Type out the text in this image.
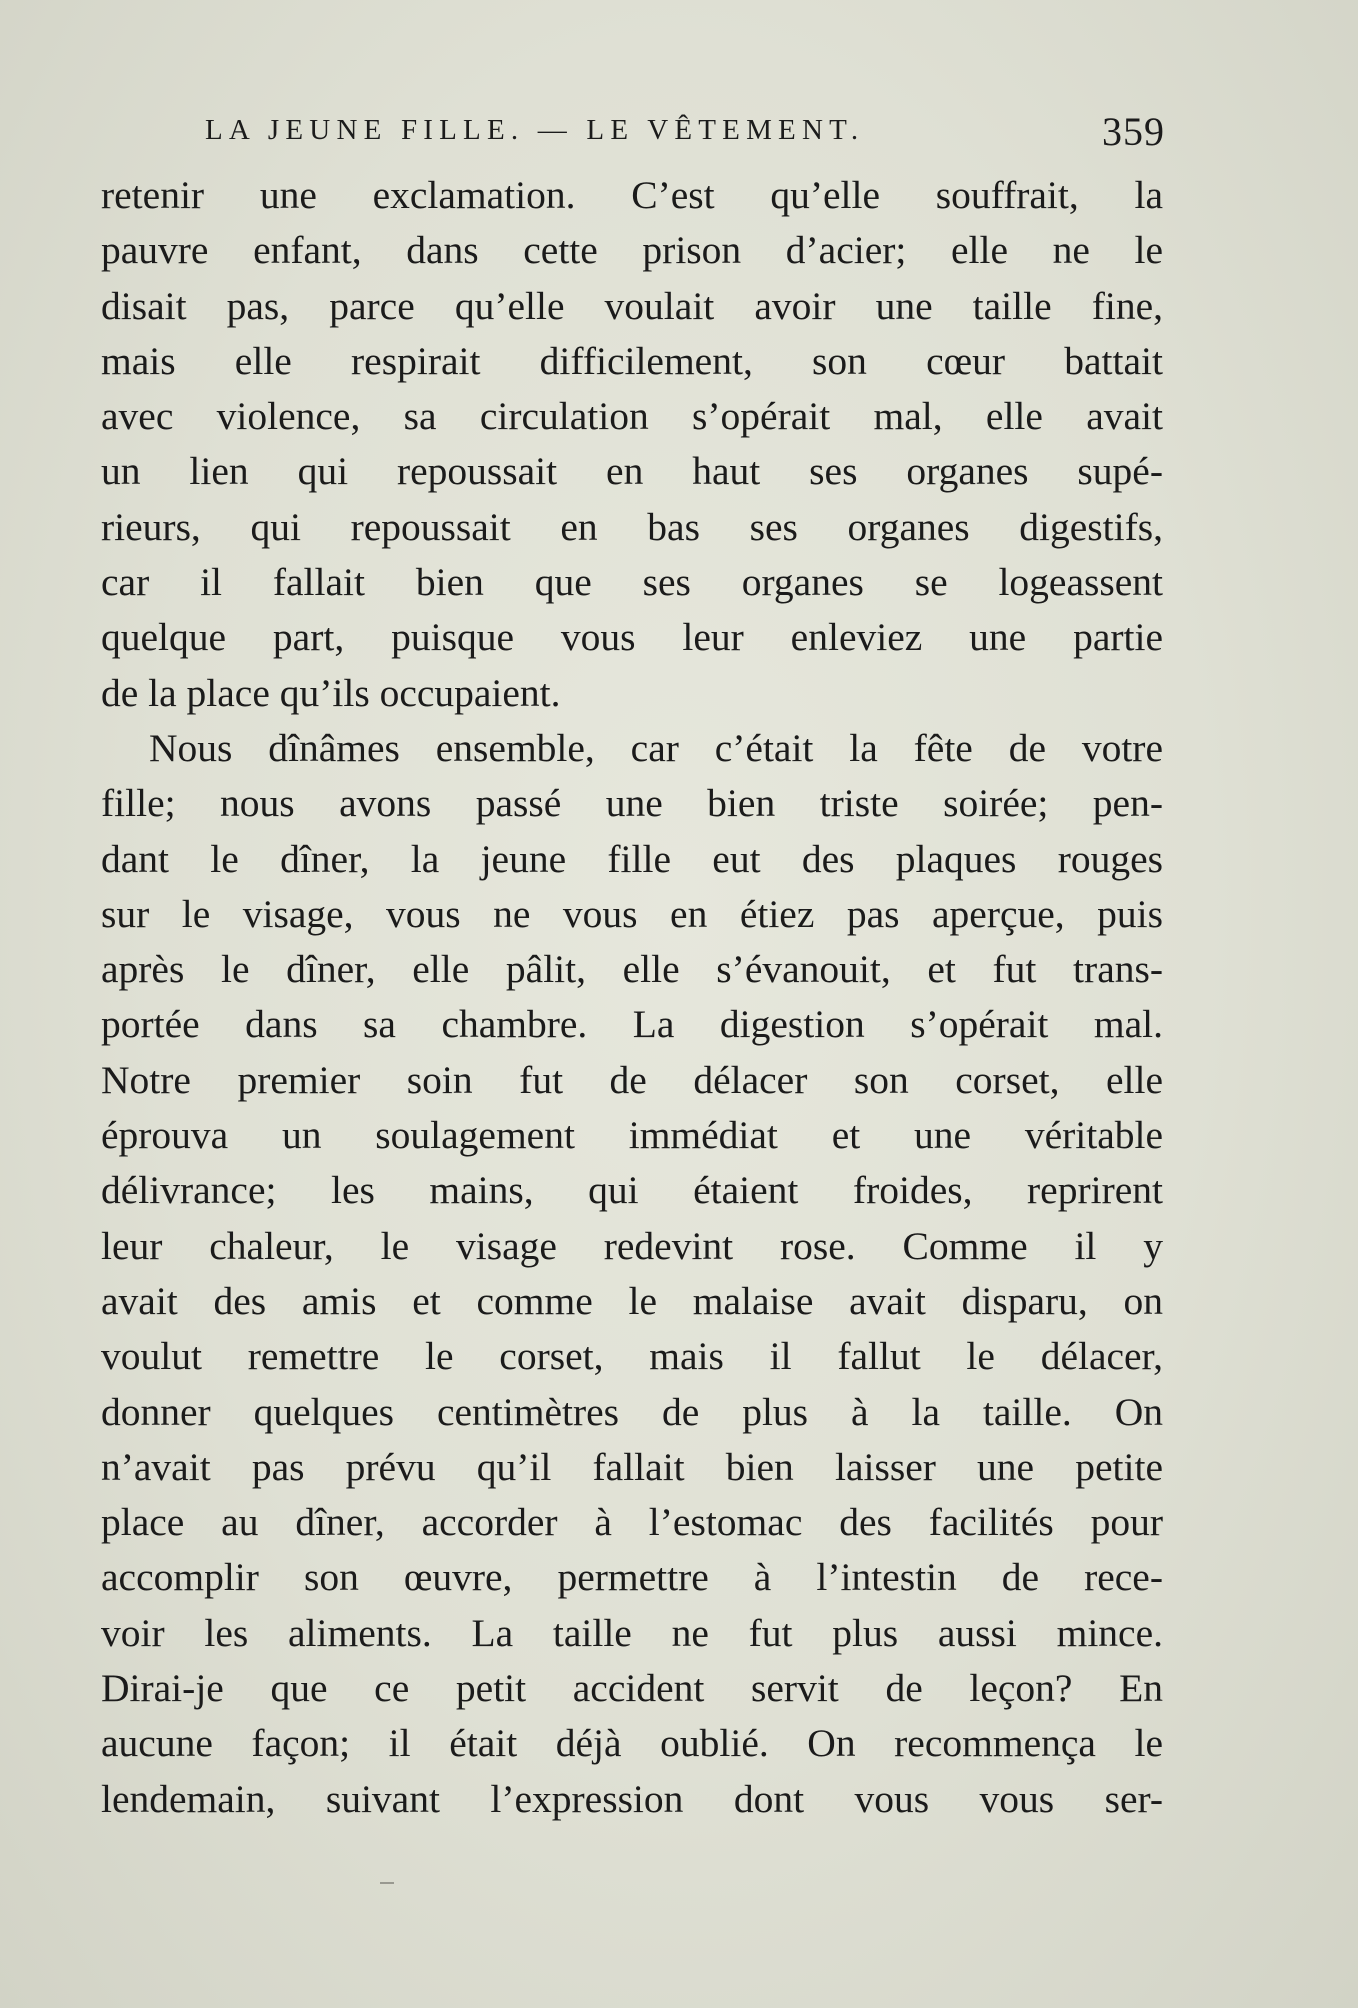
LA JEUNE FILLE. — LE VÊTEMENT.	359
retenir une exclamation. C’est qu’elle souffrait, la
pauvre enfant, dans cette prison d’acier; elle ne le
disait pas, parce qu’elle voulait avoir une taille fine,
mais elle respirait difficilement, son cœur battait
avec violence, sa circulation s’opérait mal, elle avait
un lien qui repoussait en haut ses organes supé-
rieurs, qui repoussait en bas ses organes digestifs,
car il fallait bien que ses organes se logeassent
quelque part, puisque vous leur enleviez une partie
de la place qu’ils occupaient.
Nous dînâmes ensemble, car c’était la fête de votre
fille; nous avons passé une bien triste soirée; pen-
dant le dîner, la jeune fille eut des plaques rouges
sur le visage, vous ne vous en étiez pas aperçue, puis
après le dîner, elle pâlit, elle s’évanouit, et fut trans-
portée dans sa chambre. La digestion s’opérait mal.
Notre premier soin fut de délacer son corset, elle
éprouva un soulagement immédiat et une véritable
délivrance; les mains, qui étaient froides, reprirent
leur chaleur, le visage redevint rose. Comme il y
avait des amis et comme le malaise avait disparu, on
voulut remettre le corset, mais il fallut le délacer,
donner quelques centimètres de plus à la taille. On
n’avait pas prévu qu’il fallait bien laisser une petite
place au dîner, accorder à l’estomac des facilités pour
accomplir son œuvre, permettre à l’intestin de rece-
voir les aliments. La taille ne fut plus aussi mince.
Dirai-je que ce petit accident servit de leçon? En
aucune façon; il était déjà oublié. On recommença le
lendemain, suivant l’expression dont vous vous ser-
